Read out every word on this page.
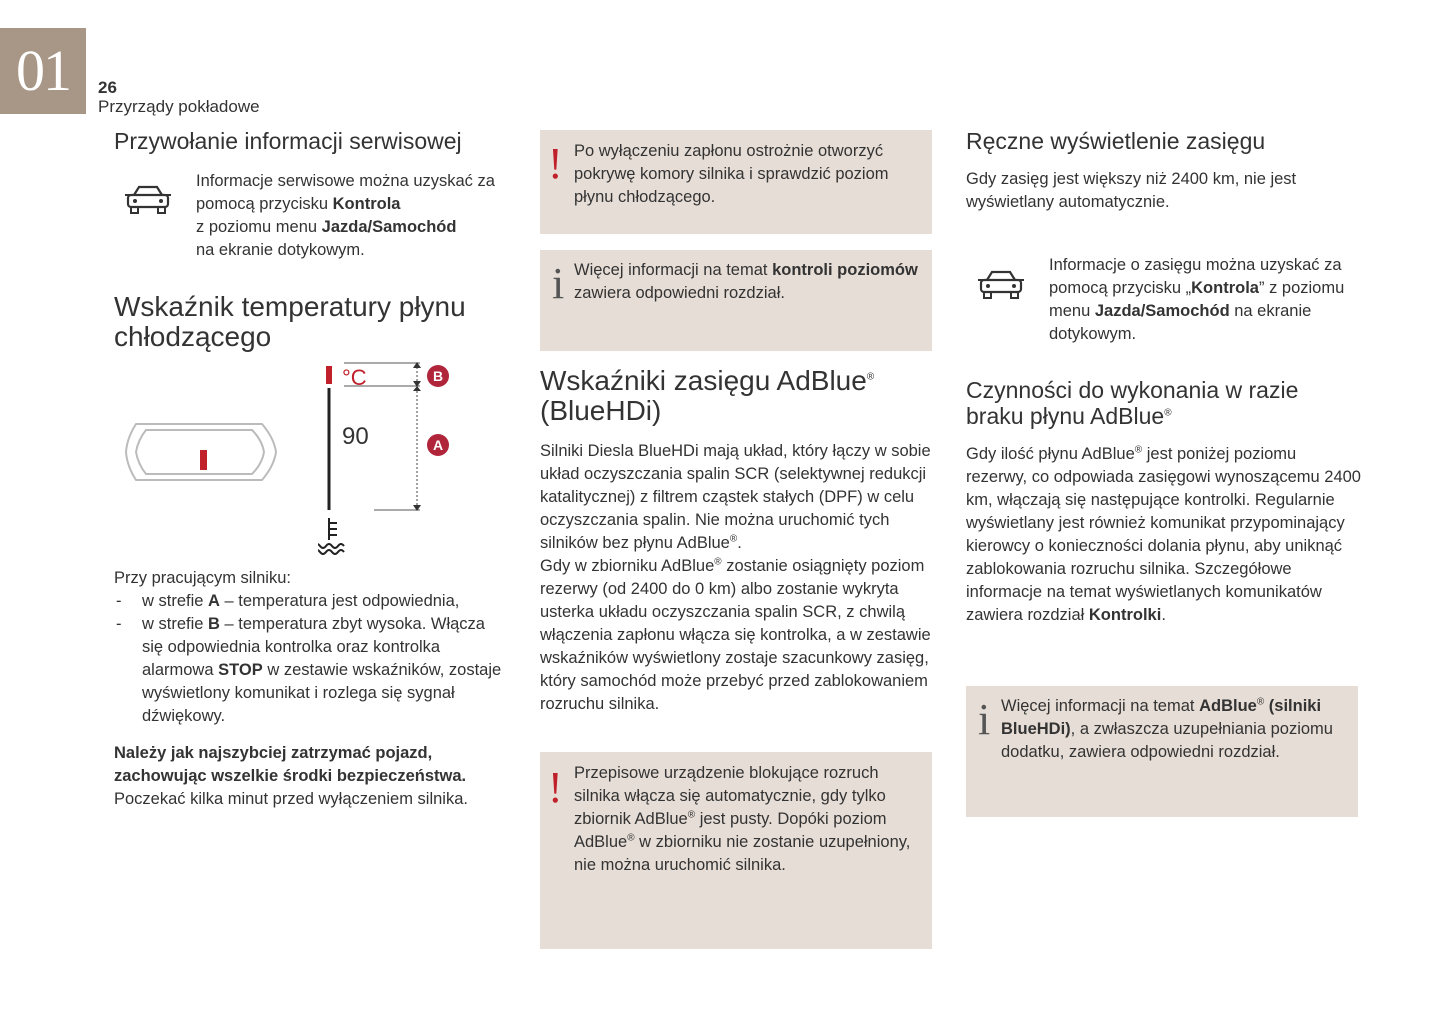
01	26
Przyrządy pokładowe
Przywołanie informacji serwisowej
Informacje serwisowe można uzyskać za pomocą przycisku Kontrola
z poziomu menu Jazda/Samochód
na ekranie dotykowym.
Wskaźnik temperatury płynu chłodzącego
°C
90
B
A
Przy pracującym silniku:
- w strefie A – temperatura jest odpowiednia,
- w strefie B – temperatura zbyt wysoka. Włącza się odpowiednia kontrolka oraz kontrolka alarmowa STOP w zestawie wskaźników, zostaje wyświetlony komunikat i rozlega się sygnał dźwiękowy.
Należy jak najszybciej zatrzymać pojazd, zachowując wszelkie środki bezpieczeństwa.
Poczekać kilka minut przed wyłączeniem silnika.
! Po wyłączeniu zapłonu ostrożnie otworzyć pokrywę komory silnika i sprawdzić poziom płynu chłodzącego.
i Więcej informacji na temat kontroli poziomów zawiera odpowiedni rozdział.
Wskaźniki zasięgu AdBlue®
(BlueHDi)
Silniki Diesla BlueHDi mają układ, który łączy w sobie układ oczyszczania spalin SCR (selektywnej redukcji katalitycznej) z filtrem cząstek stałych (DPF) w celu oczyszczania spalin. Nie można uruchomić tych silników bez płynu AdBlue®.
Gdy w zbiorniku AdBlue® zostanie osiągnięty poziom rezerwy (od 2400 do 0 km) albo zostanie wykryta usterka układu oczyszczania spalin SCR, z chwilą włączenia zapłonu włącza się kontrolka, a w zestawie wskaźników wyświetlony zostaje szacunkowy zasięg, który samochód może przebyć przed zablokowaniem rozruchu silnika.
! Przepisowe urządzenie blokujące rozruch silnika włącza się automatycznie, gdy tylko zbiornik AdBlue® jest pusty. Dopóki poziom AdBlue® w zbiorniku nie zostanie uzupełniony, nie można uruchomić silnika.
Ręczne wyświetlenie zasięgu
Gdy zasięg jest większy niż 2400 km, nie jest wyświetlany automatycznie.
Informacje o zasięgu można uzyskać za pomocą przycisku „Kontrola” z poziomu menu Jazda/Samochód na ekranie dotykowym.
Czynności do wykonania w razie braku płynu AdBlue®
Gdy ilość płynu AdBlue® jest poniżej poziomu rezerwy, co odpowiada zasięgowi wynoszącemu 2400 km, włączają się następujące kontrolki. Regularnie wyświetlany jest również komunikat przypominający kierowcy o konieczności dolania płynu, aby uniknąć zablokowania rozruchu silnika. Szczegółowe informacje na temat wyświetlanych komunikatów zawiera rozdział Kontrolki.
i Więcej informacji na temat AdBlue® (silniki BlueHDi), a zwłaszcza uzupełniania poziomu dodatku, zawiera odpowiedni rozdział.
